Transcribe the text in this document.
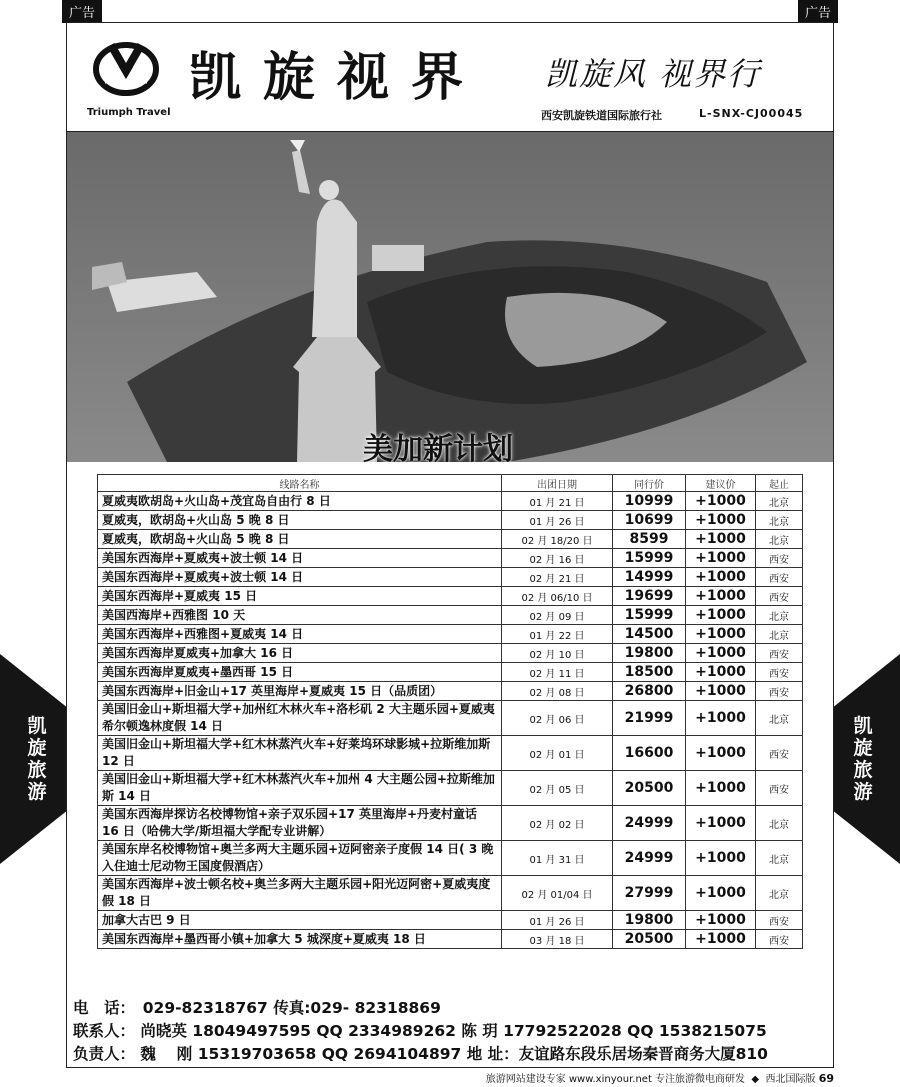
广告	广告
Triumph Travel
凯旋视界 凯旋风 视界行
西安凯旋铁道国际旅行社	L-SNX-CJ00045
美加新计划
线路名称	出团日期	同行价	建议价	起止
夏威夷欧胡岛+火山岛+茂宜岛自由行 8 日	01 月 21 日	10999	+1000	北京
夏威夷，欧胡岛+火山岛 5 晚 8 日	01 月 26 日	10699	+1000	北京
夏威夷，欧胡岛+火山岛 5 晚 8 日	02 月 18/20 日	8599	+1000	北京
美国东西海岸+夏威夷+波士顿 14 日	02 月 16 日	15999	+1000	西安
美国东西海岸+夏威夷+波士顿 14 日	02 月 21 日	14999	+1000	西安
美国东西海岸+夏威夷 15 日	02 月 06/10 日	19699	+1000	西安
美国西海岸+西雅图 10 天	02 月 09 日	15999	+1000	北京
美国东西海岸+西雅图+夏威夷 14 日	01 月 22 日	14500	+1000	北京
美国东西海岸夏威夷+加拿大 16 日	02 月 10 日	19800	+1000	西安
美国东西海岸夏威夷+墨西哥 15 日	02 月 11 日	18500	+1000	西安
美国东西海岸+旧金山+17 英里海岸+夏威夷 15 日（品质团）	02 月 08 日	26800	+1000	西安
美国旧金山+斯坦福大学+加州红木林火车+洛杉矶 2 大主题乐园+夏威夷希尔顿逸林度假 14 日	02 月 06 日	21999	+1000	北京
美国旧金山+斯坦福大学+红木林蒸汽火车+好莱坞环球影城+拉斯维加斯 12 日	02 月 01 日	16600	+1000	西安
美国旧金山+斯坦福大学+红木林蒸汽火车+加州 4 大主题公园+拉斯维加斯 14 日	02 月 05 日	20500	+1000	西安
美国东西海岸探访名校博物馆+亲子双乐园+17 英里海岸+丹麦村童话 16 日（哈佛大学/斯坦福大学配专业讲解）	02 月 02 日	24999	+1000	北京
美国东岸名校博物馆+奥兰多两大主题乐园+迈阿密亲子度假 14 日( 3 晚入住迪士尼动物王国度假酒店）	01 月 31 日	24999	+1000	北京
美国东西海岸+波士顿名校+奥兰多两大主题乐园+阳光迈阿密+夏威夷度假 18 日	02 月 01/04 日	27999	+1000	北京
加拿大古巴 9 日	01 月 26 日	19800	+1000	西安
美国东西海岸+墨西哥小镇+加拿大 5 城深度+夏威夷 18 日	03 月 18 日	20500	+1000	西安
凯旋旅游
凯旋旅游
电　话：　029-82318767 传真:029- 82318869
联系人： 尚晓英 18049497595 QQ 2334989262 陈 玥 17792522028 QQ 1538215075
负责人： 魏　 刚 15319703658 QQ 2694104897 地 址：友谊路东段乐居场秦晋商务大厦810
旅游网站建设专家 www.xinyour.net 专注旅游微电商研发  ◆  西北国际版 69
